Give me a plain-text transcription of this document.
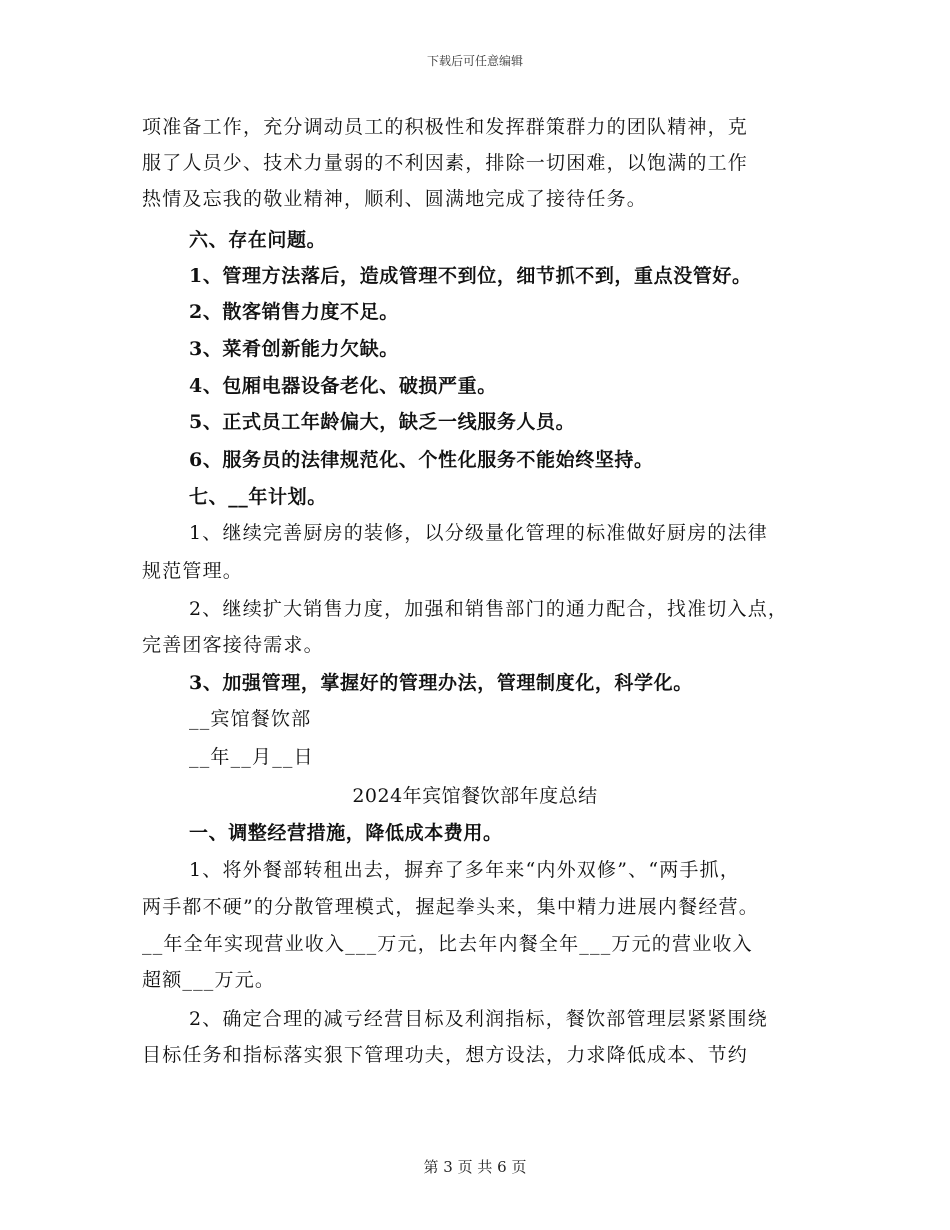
下载后可任意编辑
项准备工作，充分调动员工的积极性和发挥群策群力的团队精神，克
服了人员少、技术力量弱的不利因素，排除一切困难，以饱满的工作
热情及忘我的敬业精神，顺利、圆满地完成了接待任务。
六、存在问题。
1、管理方法落后，造成管理不到位，细节抓不到，重点没管好。
2、散客销售力度不足。
3、菜肴创新能力欠缺。
4、包厢电器设备老化、破损严重。
5、正式员工年龄偏大，缺乏一线服务人员。
6、服务员的法律规范化、个性化服务不能始终坚持。
七、__年计划。
1、继续完善厨房的装修，以分级量化管理的标准做好厨房的法律
规范管理。
2、继续扩大销售力度，加强和销售部门的通力配合，找准切入点，
完善团客接待需求。
3、加强管理，掌握好的管理办法，管理制度化，科学化。
__宾馆餐饮部
__年__月__日
2024年宾馆餐饮部年度总结
一、调整经营措施，降低成本费用。
1、将外餐部转租出去，摒弃了多年来“内外双修”、“两手抓，
两手都不硬”的分散管理模式，握起拳头来，集中精力进展内餐经营。
__年全年实现营业收入___万元，比去年内餐全年___万元的营业收入
超额___万元。
2、确定合理的减亏经营目标及利润指标，餐饮部管理层紧紧围绕
目标任务和指标落实狠下管理功夫，想方设法，力求降低成本、节约
第 3 页 共 6 页
